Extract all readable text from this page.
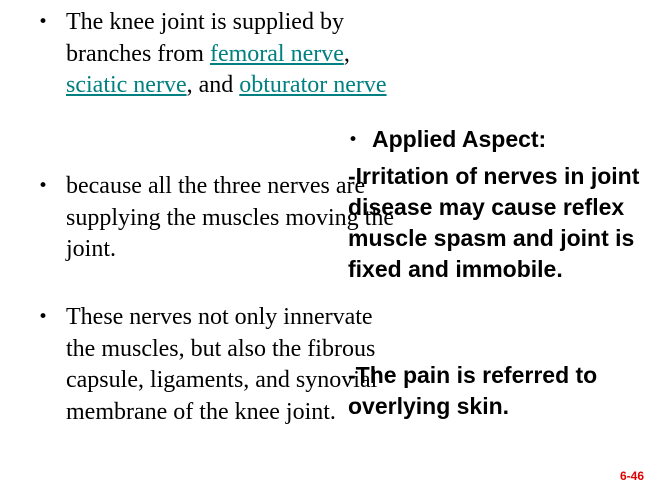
• The knee joint is supplied by branches from femoral nerve, sciatic nerve, and obturator nerve
• because all the three nerves are supplying the muscles moving the joint.
• These nerves not only innervate the muscles, but also the fibrous capsule, ligaments, and synovial membrane of the knee joint.
• Applied Aspect:
-Irritation of nerves in joint disease may cause reflex muscle spasm and joint is fixed and immobile.
-The pain is referred to overlying skin.
6-46
